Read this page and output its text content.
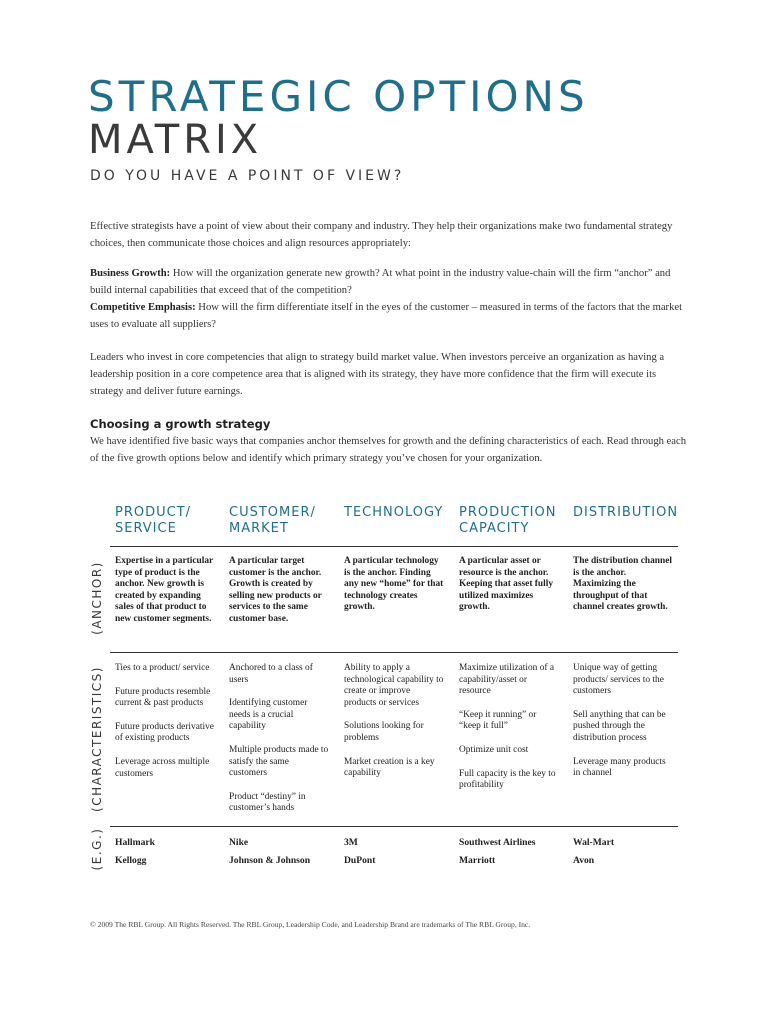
STRATEGIC OPTIONS
MATRIX
DO YOU HAVE A POINT OF VIEW?

Effective strategists have a point of view about their company and industry. They help their organizations make two fundamental strategy choices, then communicate those choices and align resources appropriately:

Business Growth: How will the organization generate new growth? At what point in the industry value-chain will the firm “anchor” and build internal capabilities that exceed that of the competition?
Competitive Emphasis: How will the firm differentiate itself in the eyes of the customer – measured in terms of the factors that the market uses to evaluate all suppliers?

Leaders who invest in core competencies that align to strategy build market value. When investors perceive an organization as having a leadership position in a core competence area that is aligned with its strategy, they have more confidence that the firm will execute its strategy and deliver future earnings.

Choosing a growth strategy

We have identified five basic ways that companies anchor themselves for growth and the defining characteristics of each. Read through each of the five growth options below and identify which primary strategy you’ve chosen for your organization.

PRODUCT/
SERVICE
CUSTOMER/
MARKET
TECHNOLOGY	PRODUCTION
CAPACITY
DISTRIBUTION
(ANCHOR)
(CHARACTERISTICS)
(E.G.)
Expertise in a particular type of product is the anchor. New growth is created by expanding sales of that product to new customer segments.
A particular target customer is the anchor. Growth is created by selling new products or services to the same customer base.
A particular technology is the anchor. Finding any new “home” for that technology creates growth.
A particular asset or resource is the anchor. Keeping that asset fully utilized maximizes growth.
The distribution channel is the anchor. Maximizing the throughput of that channel creates growth.
Ties to a product/ service
Future products resemble current & past products
Future products derivative of existing products
Leverage across multiple customers
Anchored to a class of users
Identifying customer needs is a crucial capability
Multiple products made to satisfy the same customers
Product “destiny” in customer’s hands
Ability to apply a technological capability to create or improve products or services
Solutions looking for problems
Market creation is a key capability
Maximize utilization of a capability/asset or resource
“Keep it running” or “keep it full”
Optimize unit cost
Full capacity is the key to profitability
Unique way of getting products/ services to the customers
Sell anything that can be pushed through the distribution process
Leverage many products in channel
Hallmark
Kellogg
Nike
Johnson & Johnson
3M
DuPont
Southwest Airlines
Marriott
Wal-Mart
Avon
© 2009 The RBL Group. All Rights Reserved. The RBL Group, Leadership Code, and Leadership Brand are trademarks of The RBL Group, Inc.
